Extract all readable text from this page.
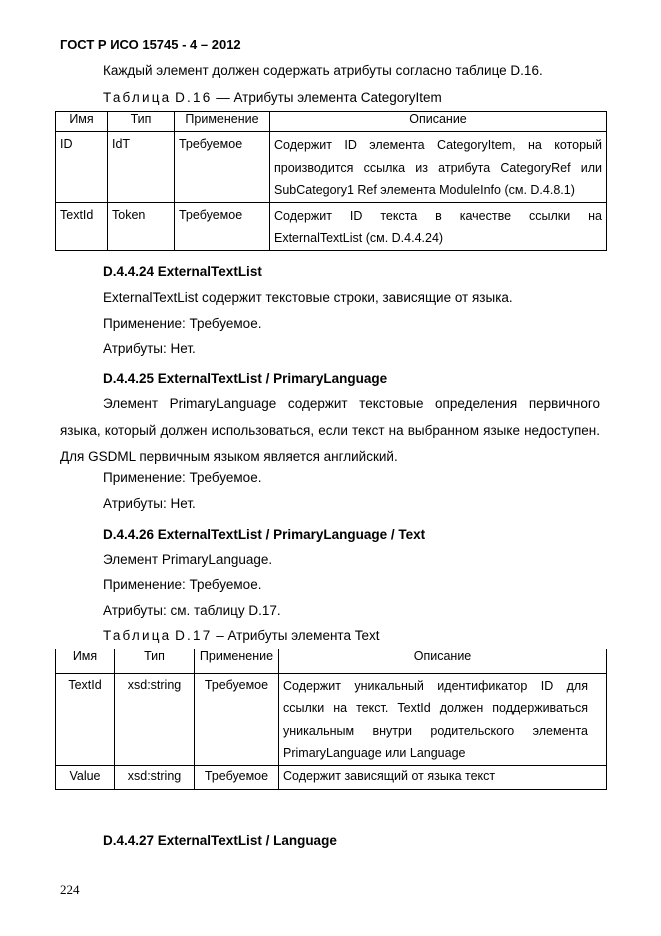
ГОСТ Р ИСО 15745 - 4 – 2012
Каждый элемент должен содержать атрибуты согласно таблице D.16.
Таблица D.16 — Атрибуты элемента CategoryItem
Имя	Тип	Применение	Описание
ID	IdT	Требуемое	Содержит ID элемента CategoryItem, на который производится ссылка из атрибута CategoryRef или SubCategory1 Ref элемента ModuleInfo (см. D.4.8.1)
TextId	Token	Требуемое	Содержит ID текста в качестве ссылки на ExternalTextList (см. D.4.4.24)
D.4.4.24 ExternalTextList
ExternalTextList содержит текстовые строки, зависящие от языка.
Применение: Требуемое.
Атрибуты: Нет.
D.4.4.25 ExternalTextList / PrimaryLanguage
Элемент PrimaryLanguage содержит текстовые определения первичного языка, который должен использоваться, если текст на выбранном языке недоступен. Для GSDML первичным языком является английский.
Применение: Требуемое.
Атрибуты: Нет.
D.4.4.26 ExternalTextList / PrimaryLanguage / Text
Элемент PrimaryLanguage.
Применение: Требуемое.
Атрибуты: см. таблицу D.17.
Таблица D.17 – Атрибуты элемента Text
Имя	Тип	Применение	Описание
TextId	xsd:string	Требуемое	Содержит уникальный идентификатор ID для ссылки на текст. TextId должен поддерживаться уникальным внутри родительского элемента PrimaryLanguage или Language
Value	xsd:string	Требуемое	Содержит зависящий от языка текст
D.4.4.27 ExternalTextList / Language
224
